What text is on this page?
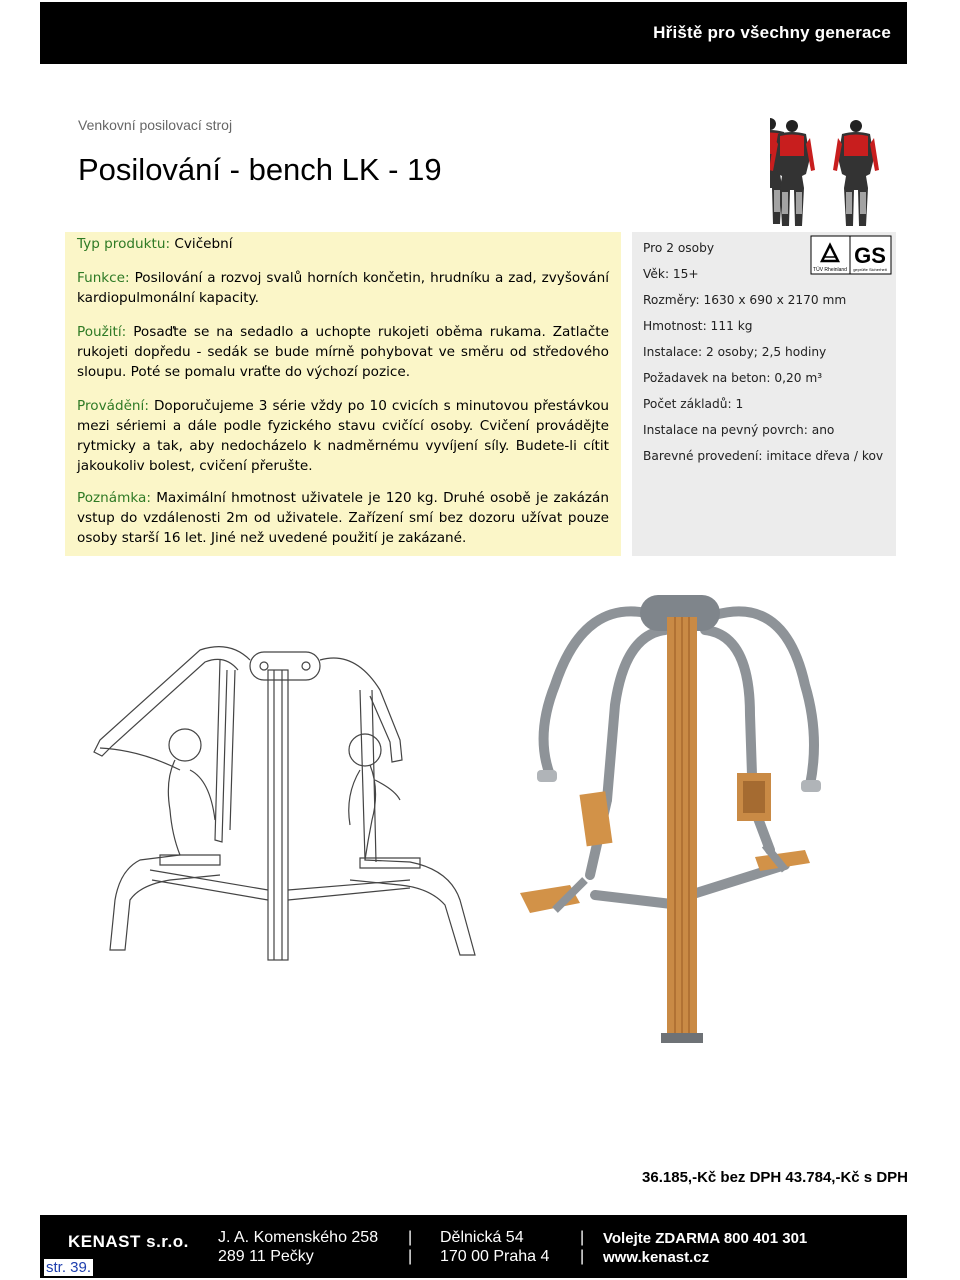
Hřiště pro všechny generace
Venkovní posilovací stroj
Posilování - bench LK - 19

Typ produktu: Cvičební

Funkce: Posilování a rozvoj svalů horních končetin, hrudníku a zad, zvyšování kardiopulmonální kapacity.

Použití: Posaďte se na sedadlo a uchopte rukojeti oběma rukama. Zatlačte rukojeti dopředu - sedák se bude mírně pohybovat ve směru od středového sloupu. Poté se pomalu vraťte do výchozí pozice.

Provádění: Doporučujeme 3 série vždy po 10 cvicích s minutovou přestávkou mezi sériemi a dále podle fyzického stavu cvičící osoby. Cvičení provádějte rytmicky a tak, aby nedocházelo k nadměrnému vyvíjení síly. Budete-li cítit jakoukoliv bolest, cvičení přerušte.

Poznámka: Maximální hmotnost uživatele je 120 kg. Druhé osobě je zakázán vstup do vzdálenosti 2m od uživatele. Zařízení smí bez dozoru užívat pouze osoby starší 16 let. Jiné než uvedené použití je zakázané.

Pro 2 osoby
Věk: 15+
Rozměry: 1630 x 690 x 2170 mm
Hmotnost: 111 kg
Instalace: 2 osoby; 2,5 hodiny
Požadavek na beton: 0,20 m³
Počet základů: 1
Instalace na pevný povrch: ano
Barevné provedení: imitace dřeva / kov
TÜV Rheinland
GS
geprüfte Sicherheit
36.185,-Kč bez DPH 43.784,-Kč s DPH
KENAST s.r.o. J. A. Komenského 258
289 11 Pečky
|
|
Dělnická 54
170 00 Praha 4
|
|
Volejte ZDARMA 800 401 301
www.kenast.cz
str. 39.
